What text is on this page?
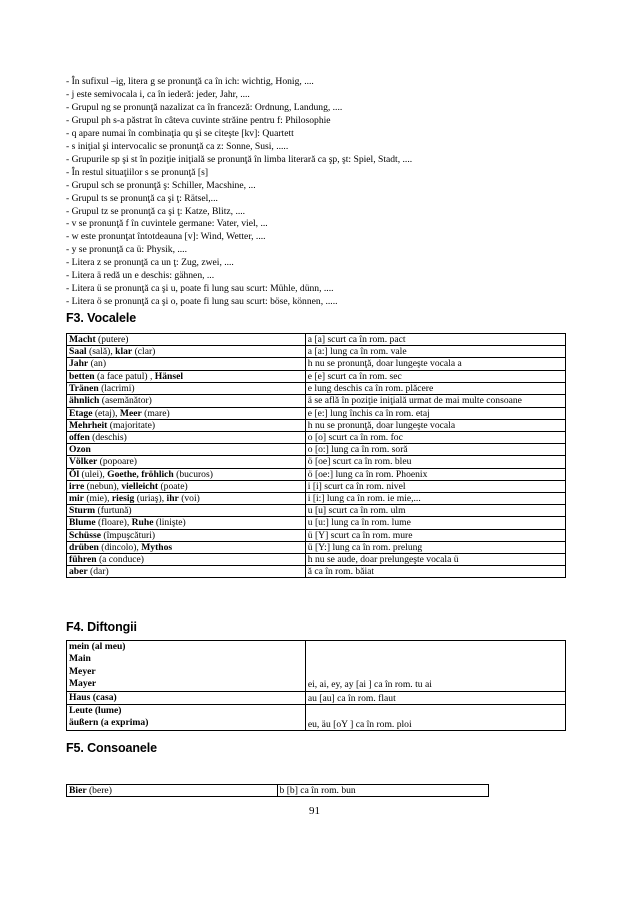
- În sufixul –ig, litera g se pronunţă ca în ich: wichtig, Honig, ....
- j este semivocala i, ca în iederă: jeder, Jahr, ....
- Grupul ng se pronunţă nazalizat ca în franceză: Ordnung, Landung, ....
- Grupul ph s-a păstrat în câteva cuvinte străine pentru f: Philosophie
- q apare numai în combinaţia qu şi se citeşte [kv]: Quartett
- s iniţial şi intervocalic se pronunţă ca z: Sonne, Susi, .....
- Grupurile sp şi st în poziţie iniţială se pronunţă în limba literară ca şp, şt: Spiel, Stadt, ....
- În restul situaţiilor s se pronunţă [s]
- Grupul sch se pronunţă ş: Schiller, Macshine, ...
- Grupul ts se pronunţă ca şi ţ: Rätsel,...
- Grupul tz se pronunţă ca şi ţ: Katze, Blitz, ....
- v se pronunţă f în cuvintele germane: Vater, viel, ...
- w este pronunţat întotdeauna [v]: Wind, Wetter, ....
- y se pronunţă ca ü: Physik, ....
- Litera z se pronunţă ca un ţ: Zug, zwei, ....
- Litera ä redă un e deschis: gähnen, ...
- Litera ü se pronunţă ca şi u, poate fi lung sau scurt: Mühle, dünn, ....
- Litera ö se pronunţă ca şi o, poate fi lung sau scurt: böse, können, .....
F3. Vocalele
Macht (putere)	a [a] scurt ca în rom. pact
Saal (sală), klar (clar)	a [a:] lung ca în rom. vale
Jahr (an)	h nu se pronunţă, doar lungeşte vocala a
betten (a face patul) , Hänsel	e [e] scurt ca în rom. sec
Tränen (lacrimi)	e lung deschis ca în rom. plăcere
ähnlich (asemănător)	ä se află în poziţie iniţială urmat de mai multe consoane
Etage (etaj), Meer (mare)	e [e:] lung închis ca în rom. etaj
Mehrheit (majoritate)	h nu se pronunţă, doar lungeşte vocala
offen (deschis)	o [o] scurt ca în rom. foc
Ozon	o [o:] lung ca în rom. soră
Völker (popoare)	ö [oe] scurt ca în rom. bleu
Öl (ulei), Goethe, fröhlich (bucuros)	ö [oe:] lung ca în rom. Phoenix
irre (nebun), vielleicht (poate)	i [i] scurt ca în rom. nivel
mir (mie), riesig (uriaş), ihr (voi)	i [i:] lung ca în rom. ie mie,...
Sturm (furtună)	u [u] scurt ca în rom. ulm
Blume (floare), Ruhe (linişte)	u [u:] lung ca în rom. lume
Schüsse (împuşcături)	ü [Y] scurt ca în rom. mure
drüben (dincolo), Mythos	ü [Y:] lung ca în rom. prelung
führen (a conduce)	h nu se aude, doar prelungeşte vocala ü
aber (dar)	ă ca în rom. băiat
F4. Diftongii
mein (al meu)
Main
Meyer
Mayer	ei, ai, ey, ay [ai ] ca în rom. tu ai

Haus (casa)	au [au] ca în rom. flaut

Leute (lume)
äußern (a exprima)	eu, äu [oY ] ca în rom. ploi
F5. Consoanele
Bier (bere)	b [b] ca în rom. bun
91
